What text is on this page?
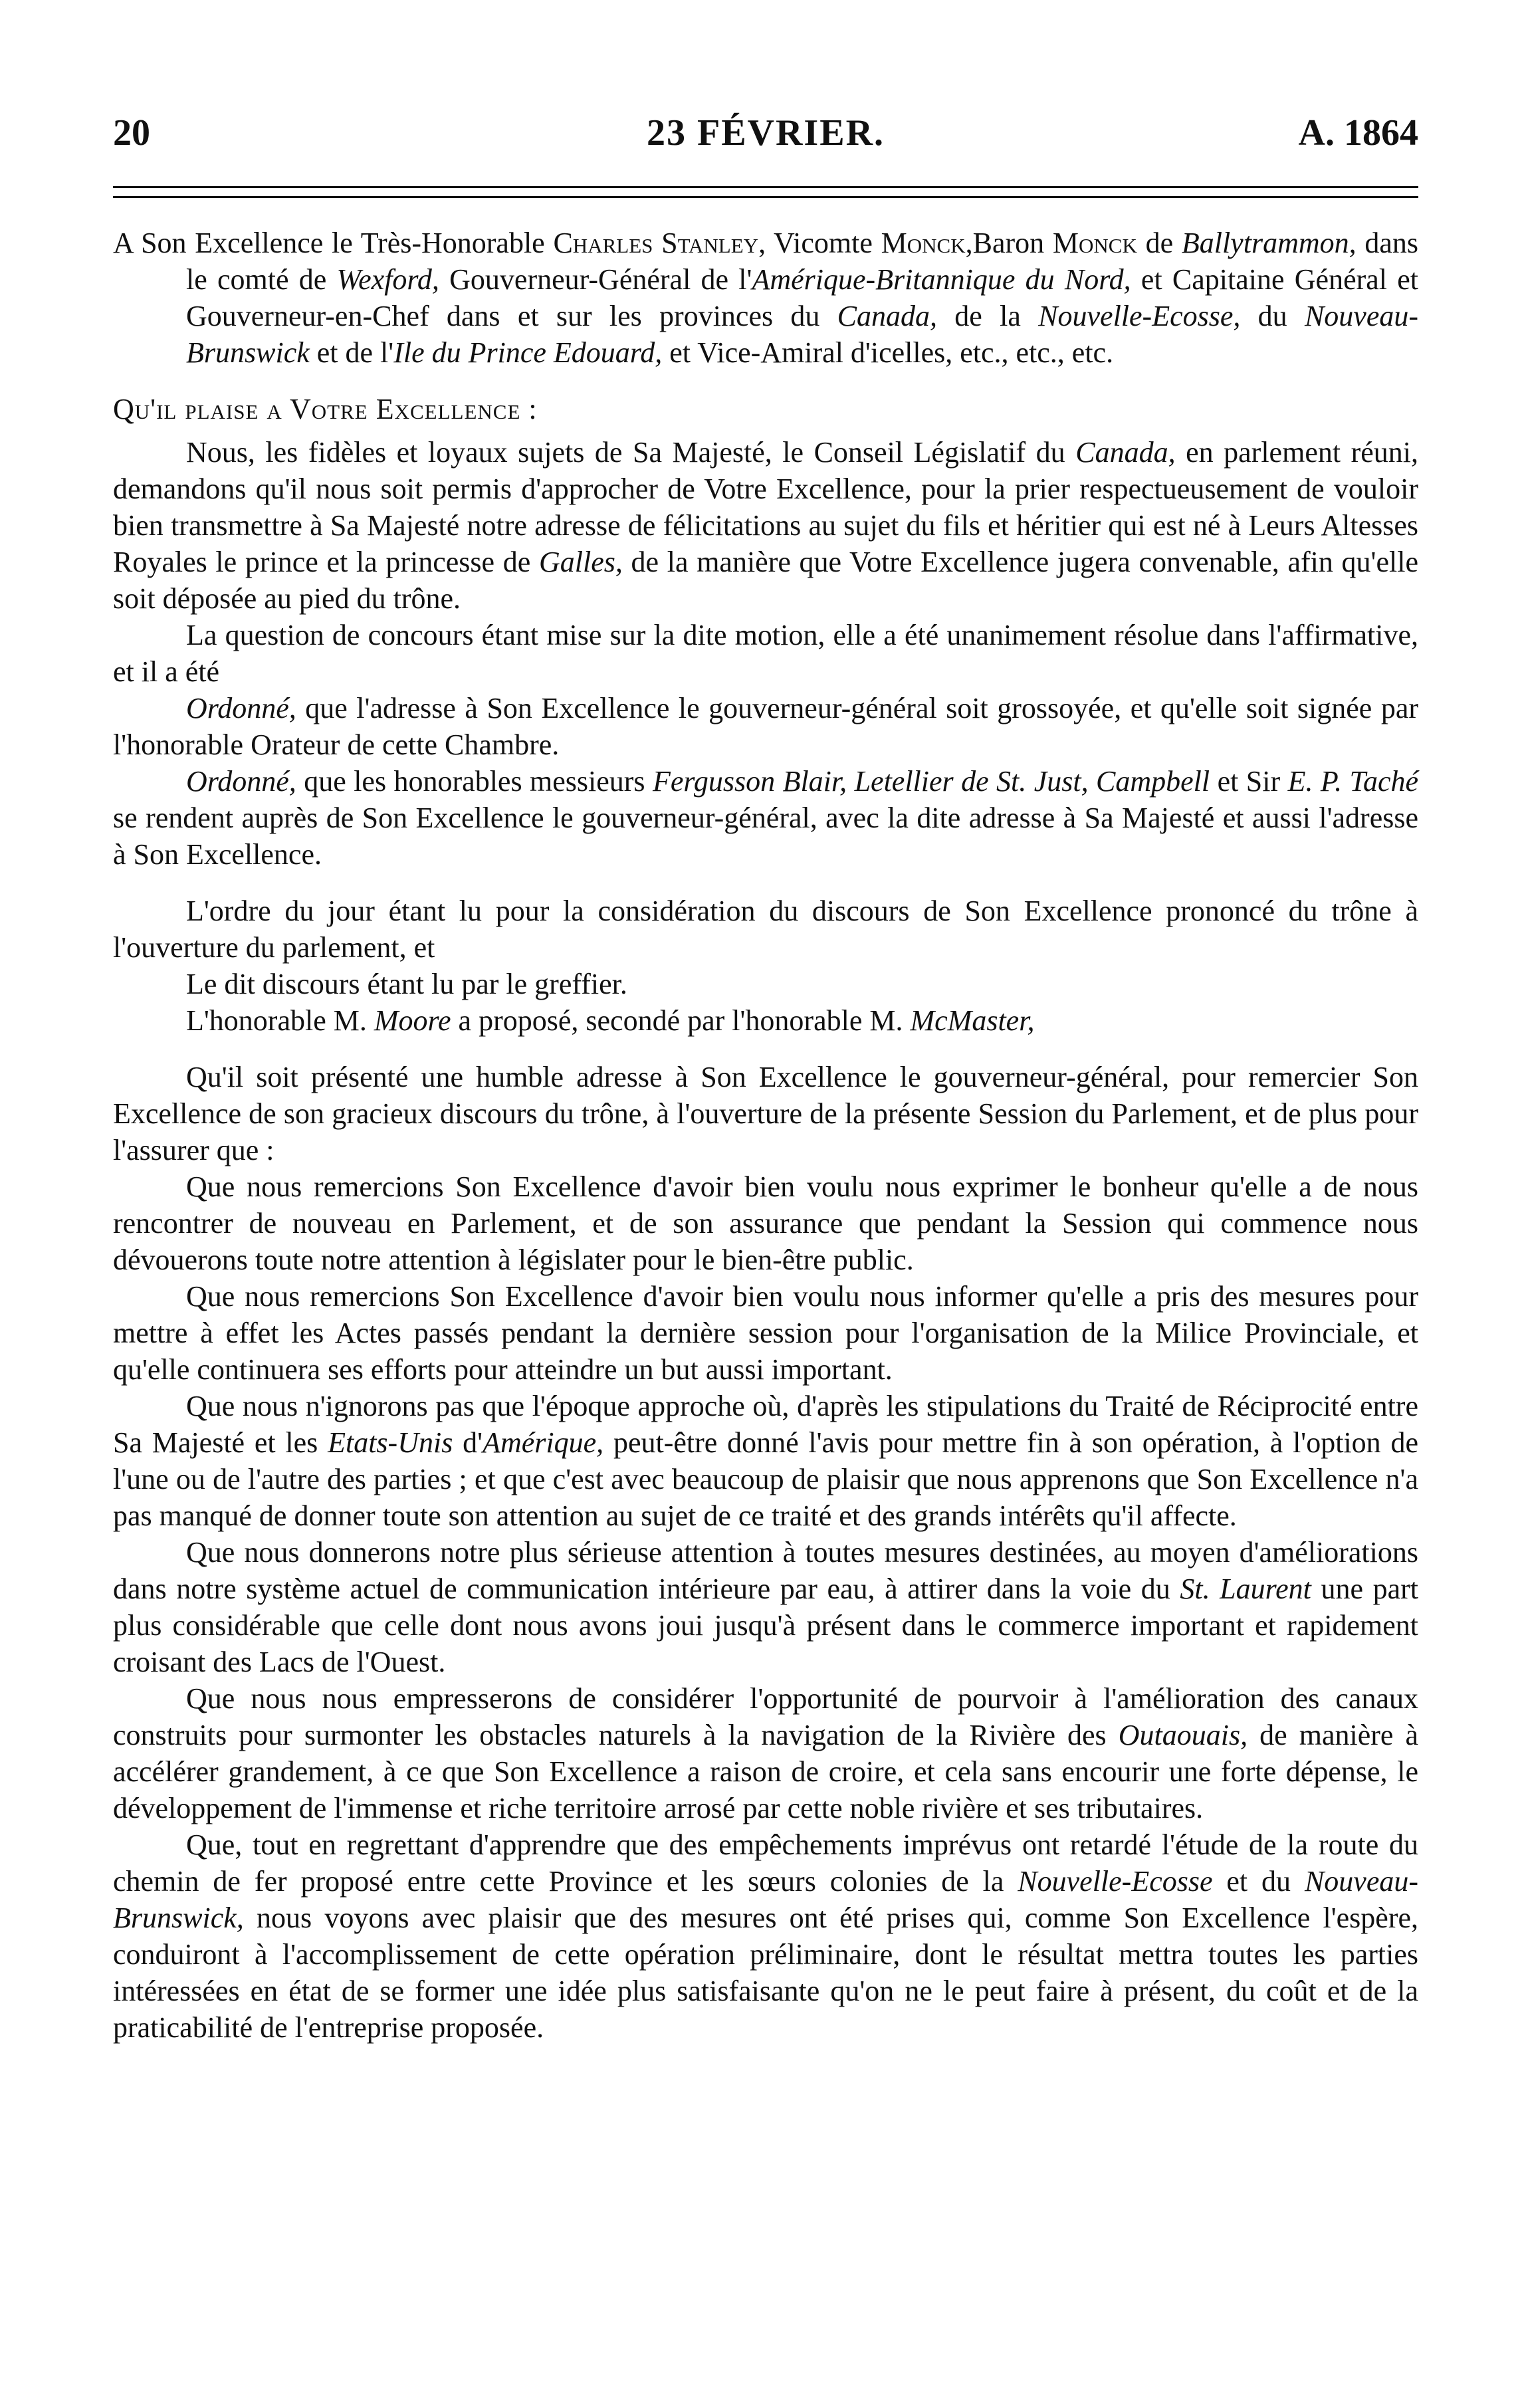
20	23 FÉVRIER.	A. 1864

A Son Excellence le Très-Honorable Charles Stanley, Vicomte Monck,Baron Monck de Ballytrammon, dans le comté de Wexford, Gouverneur-Général de l'Amérique-Britannique du Nord, et Capitaine Général et Gouverneur-en-Chef dans et sur les provinces du Canada, de la Nouvelle-Ecosse, du Nouveau-Brunswick et de l'Ile du Prince Edouard, et Vice-Amiral d'icelles, etc., etc., etc.

Qu'il plaise a Votre Excellence :

Nous, les fidèles et loyaux sujets de Sa Majesté, le Conseil Législatif du Canada, en parlement réuni, demandons qu'il nous soit permis d'approcher de Votre Excellence, pour la prier respectueusement de vouloir bien transmettre à Sa Majesté notre adresse de félicitations au sujet du fils et héritier qui est né à Leurs Altesses Royales le prince et la princesse de Galles, de la manière que Votre Excellence jugera convenable, afin qu'elle soit déposée au pied du trône.

La question de concours étant mise sur la dite motion, elle a été unanimement résolue dans l'affirmative, et il a été

Ordonné, que l'adresse à Son Excellence le gouverneur-général soit grossoyée, et qu'elle soit signée par l'honorable Orateur de cette Chambre.

Ordonné, que les honorables messieurs Fergusson Blair, Letellier de St. Just, Campbell et Sir E. P. Taché se rendent auprès de Son Excellence le gouverneur-général, avec la dite adresse à Sa Majesté et aussi l'adresse à Son Excellence.

L'ordre du jour étant lu pour la considération du discours de Son Excellence prononcé du trône à l'ouverture du parlement, et

Le dit discours étant lu par le greffier.

L'honorable M. Moore a proposé, secondé par l'honorable M. McMaster,

Qu'il soit présenté une humble adresse à Son Excellence le gouverneur-général, pour remercier Son Excellence de son gracieux discours du trône, à l'ouverture de la présente Session du Parlement, et de plus pour l'assurer que :

Que nous remercions Son Excellence d'avoir bien voulu nous exprimer le bonheur qu'elle a de nous rencontrer de nouveau en Parlement, et de son assurance que pendant la Session qui commence nous dévouerons toute notre attention à législater pour le bien-être public.

Que nous remercions Son Excellence d'avoir bien voulu nous informer qu'elle a pris des mesures pour mettre à effet les Actes passés pendant la dernière session pour l'organisation de la Milice Provinciale, et qu'elle continuera ses efforts pour atteindre un but aussi important.

Que nous n'ignorons pas que l'époque approche où, d'après les stipulations du Traité de Réciprocité entre Sa Majesté et les Etats-Unis d'Amérique, peut-être donné l'avis pour mettre fin à son opération, à l'option de l'une ou de l'autre des parties ; et que c'est avec beaucoup de plaisir que nous apprenons que Son Excellence n'a pas manqué de donner toute son attention au sujet de ce traité et des grands intérêts qu'il affecte.

Que nous donnerons notre plus sérieuse attention à toutes mesures destinées, au moyen d'améliorations dans notre système actuel de communication intérieure par eau, à attirer dans la voie du St. Laurent une part plus considérable que celle dont nous avons joui jusqu'à présent dans le commerce important et rapidement croisant des Lacs de l'Ouest.

Que nous nous empresserons de considérer l'opportunité de pourvoir à l'amélioration des canaux construits pour surmonter les obstacles naturels à la navigation de la Rivière des Outaouais, de manière à accélérer grandement, à ce que Son Excellence a raison de croire, et cela sans encourir une forte dépense, le développement de l'immense et riche territoire arrosé par cette noble rivière et ses tributaires.

Que, tout en regrettant d'apprendre que des empêchements imprévus ont retardé l'étude de la route du chemin de fer proposé entre cette Province et les sœurs colonies de la Nouvelle-Ecosse et du Nouveau-Brunswick, nous voyons avec plaisir que des mesures ont été prises qui, comme Son Excellence l'espère, conduiront à l'accomplissement de cette opération préliminaire, dont le résultat mettra toutes les parties intéressées en état de se former une idée plus satisfaisante qu'on ne le peut faire à présent, du coût et de la praticabilité de l'entreprise proposée.
